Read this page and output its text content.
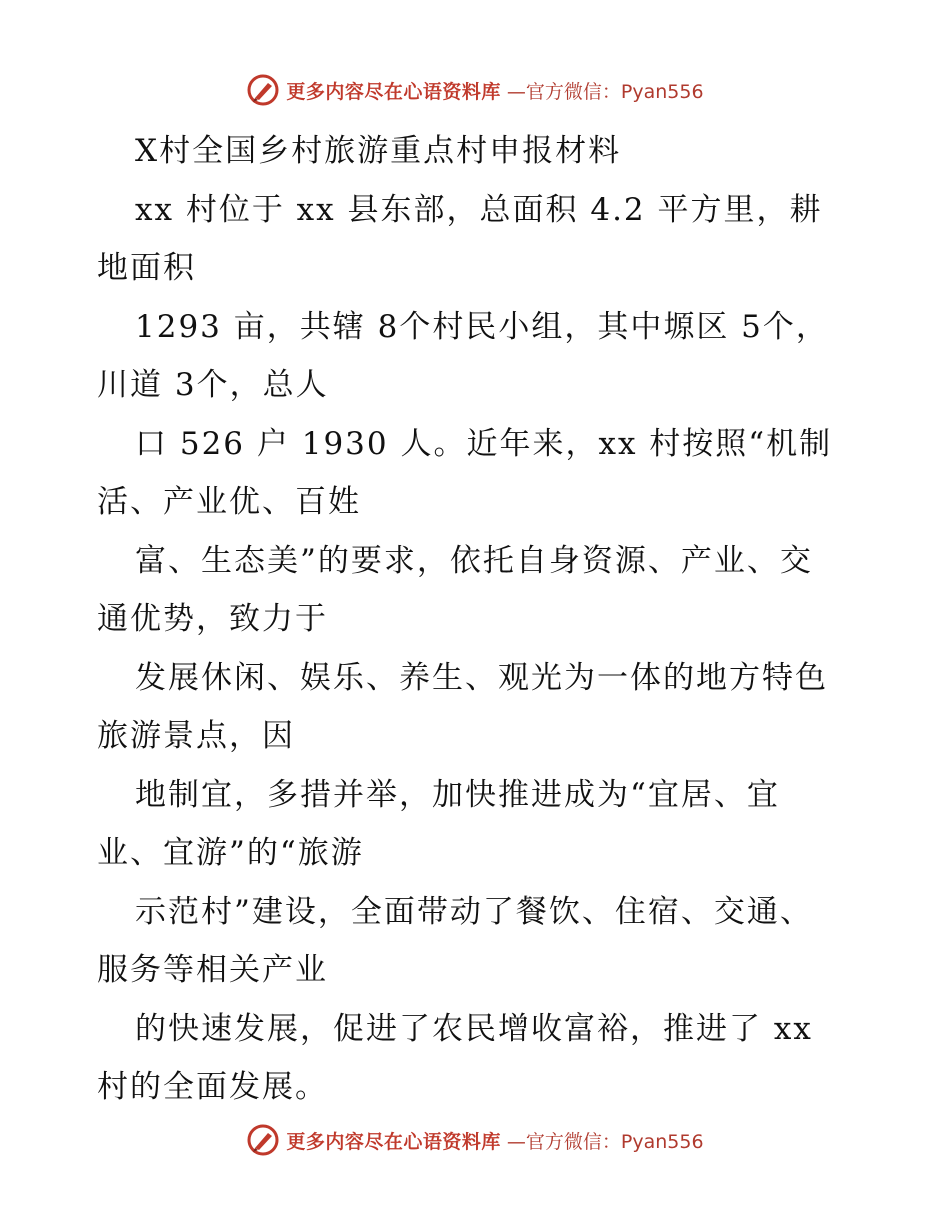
更多内容尽在心语资料库 —官方微信：Pyan556
X村全国乡村旅游重点村申报材料
xx 村位于 xx 县东部，总面积 4.2 平方里，耕
地面积
1293 亩，共辖 8个村民小组，其中塬区 5个，
川道 3个，总人
口 526 户 1930 人。近年来，xx 村按照“机制
活、产业优、百姓
富、生态美”的要求，依托自身资源、产业、交
通优势，致力于
发展休闲、娱乐、养生、观光为一体的地方特色
旅游景点，因
地制宜，多措并举，加快推进成为“宜居、宜
业、宜游”的“旅游
示范村”建设，全面带动了餐饮、住宿、交通、
服务等相关产业
的快速发展，促进了农民增收富裕，推进了 xx
村的全面发展。
更多内容尽在心语资料库 —官方微信：Pyan556
